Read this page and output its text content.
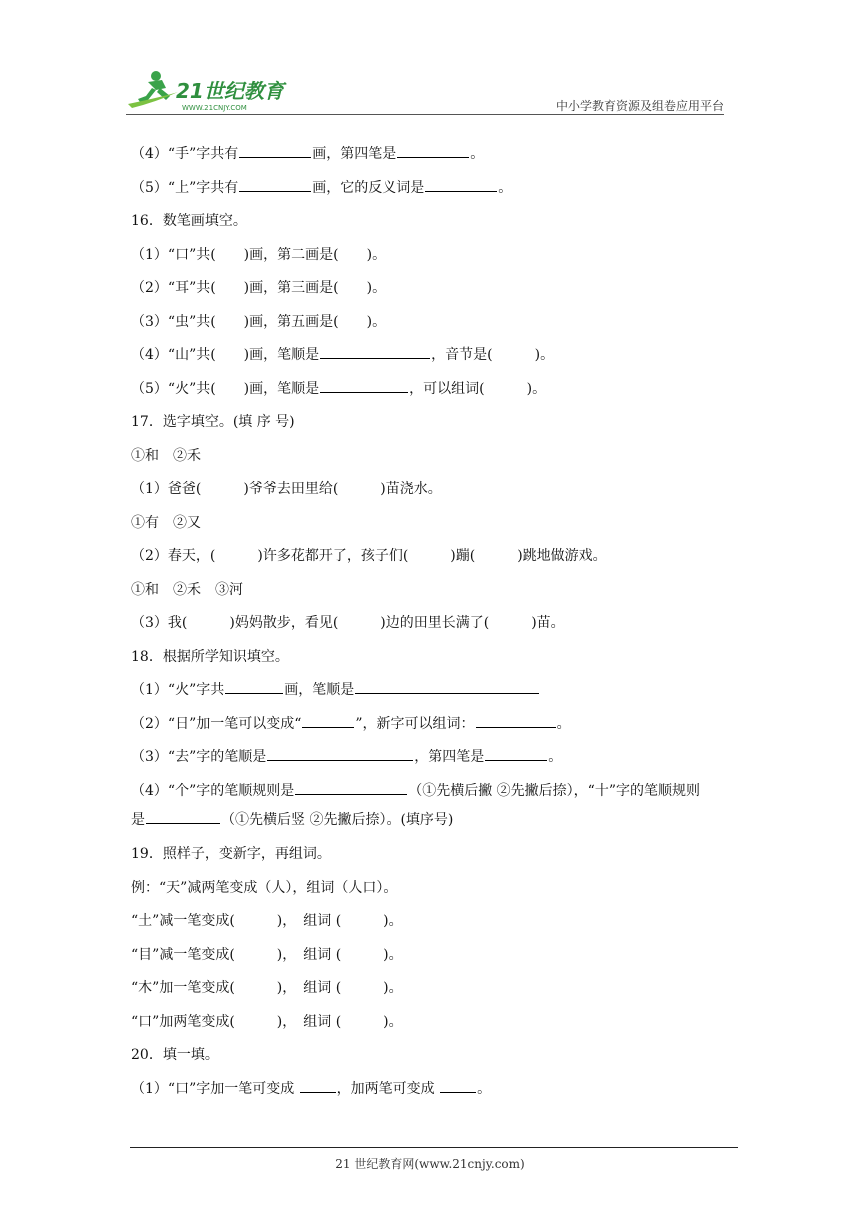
21世纪教育
WWW.21CNJY.COM	中小学教育资源及组卷应用平台
（4）“手”字共有	画，第四笔是	。
（5）“上”字共有	画，它的反义词是	。
16．数笔画填空。
（1）“口”共(　　)画，第二画是(　　)。
（2）“耳”共(　　)画，第三画是(　　)。
（3）“虫”共(　　)画，第五画是(　　)。
（4）“山”共(　　)画，笔顺是	，音节是(　　　)。
（5）“火”共(　　)画，笔顺是	，可以组词(　　　)。
17．选字填空。(填 序 号)
①和　②禾
（1）爸爸(　　　)爷爷去田里给(　　　)苗浇水。
①有　②又
（2）春天，(　　　)许多花都开了，孩子们(　　　)蹦(　　　)跳地做游戏。
①和　②禾　③河
（3）我(　　　)妈妈散步，看见(　　　)边的田里长满了(　　　)苗。
18．根据所学知识填空。
（1）“火”字共	画，笔顺是
（2）“日”加一笔可以变成“	”，新字可以组词：	。
（3）“去”字的笔顺是	，第四笔是	。
（4）“个”字的笔顺规则是	（①先横后撇 ②先撇后捺），“十”字的笔顺规则
是	（①先横后竖 ②先撇后捺）。(填序号)
19．照样子，变新字，再组词。
例：“天”减两笔变成（人），组词（人口）。
“土”减一笔变成(　　　)，　组词 (　　　)。
“目”减一笔变成(　　　)，　组词 (　　　)。
“木”加一笔变成(　　　)，　组词 (　　　)。
“口”加两笔变成(　　　)，　组词 (　　　)。
20．填一填。
（1）“口”字加一笔可变成	，加两笔可变成	。
21 世纪教育网(www.21cnjy.com)
